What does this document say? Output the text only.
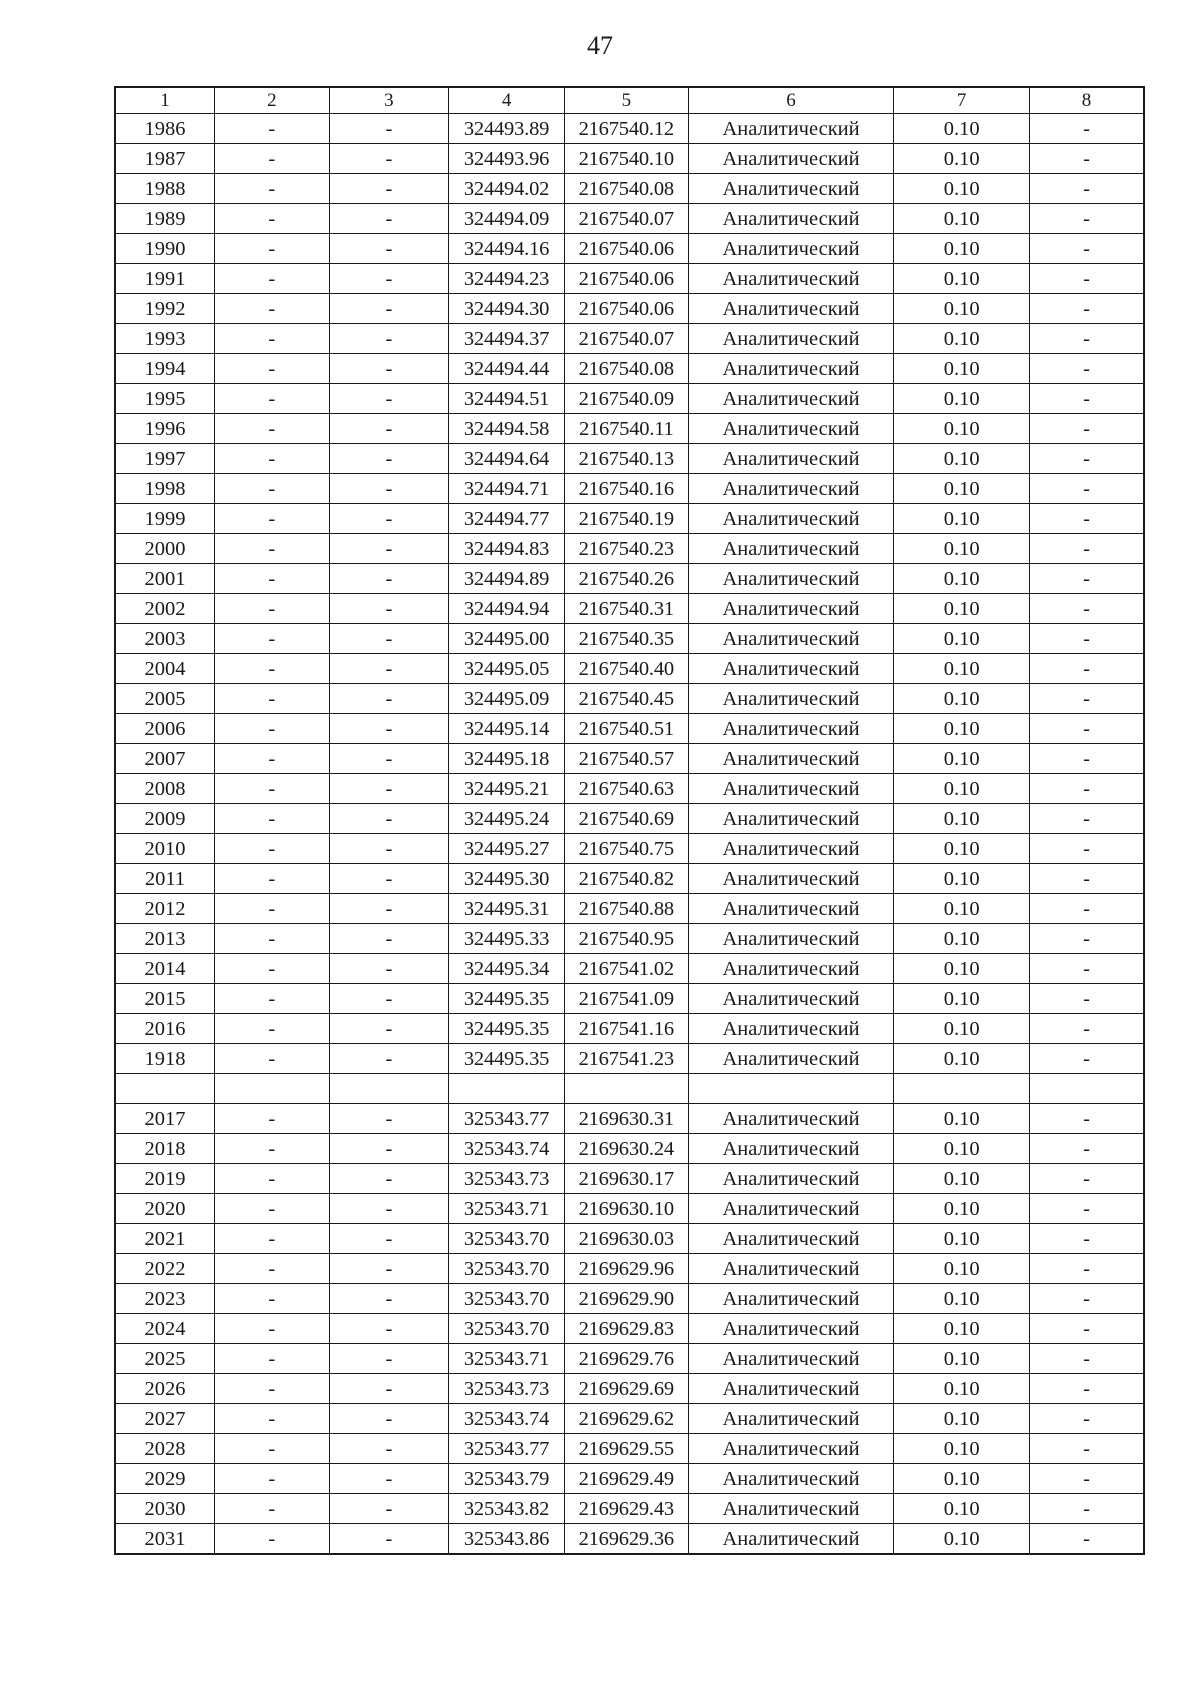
47
1	2	3	4	5	6	7	8
1986	-	-	324493.89	2167540.12	Аналитический	0.10	-
1987	-	-	324493.96	2167540.10	Аналитический	0.10	-
1988	-	-	324494.02	2167540.08	Аналитический	0.10	-
1989	-	-	324494.09	2167540.07	Аналитический	0.10	-
1990	-	-	324494.16	2167540.06	Аналитический	0.10	-
1991	-	-	324494.23	2167540.06	Аналитический	0.10	-
1992	-	-	324494.30	2167540.06	Аналитический	0.10	-
1993	-	-	324494.37	2167540.07	Аналитический	0.10	-
1994	-	-	324494.44	2167540.08	Аналитический	0.10	-
1995	-	-	324494.51	2167540.09	Аналитический	0.10	-
1996	-	-	324494.58	2167540.11	Аналитический	0.10	-
1997	-	-	324494.64	2167540.13	Аналитический	0.10	-
1998	-	-	324494.71	2167540.16	Аналитический	0.10	-
1999	-	-	324494.77	2167540.19	Аналитический	0.10	-
2000	-	-	324494.83	2167540.23	Аналитический	0.10	-
2001	-	-	324494.89	2167540.26	Аналитический	0.10	-
2002	-	-	324494.94	2167540.31	Аналитический	0.10	-
2003	-	-	324495.00	2167540.35	Аналитический	0.10	-
2004	-	-	324495.05	2167540.40	Аналитический	0.10	-
2005	-	-	324495.09	2167540.45	Аналитический	0.10	-
2006	-	-	324495.14	2167540.51	Аналитический	0.10	-
2007	-	-	324495.18	2167540.57	Аналитический	0.10	-
2008	-	-	324495.21	2167540.63	Аналитический	0.10	-
2009	-	-	324495.24	2167540.69	Аналитический	0.10	-
2010	-	-	324495.27	2167540.75	Аналитический	0.10	-
2011	-	-	324495.30	2167540.82	Аналитический	0.10	-
2012	-	-	324495.31	2167540.88	Аналитический	0.10	-
2013	-	-	324495.33	2167540.95	Аналитический	0.10	-
2014	-	-	324495.34	2167541.02	Аналитический	0.10	-
2015	-	-	324495.35	2167541.09	Аналитический	0.10	-
2016	-	-	324495.35	2167541.16	Аналитический	0.10	-
1918	-	-	324495.35	2167541.23	Аналитический	0.10	-

2017	-	-	325343.77	2169630.31	Аналитический	0.10	-
2018	-	-	325343.74	2169630.24	Аналитический	0.10	-
2019	-	-	325343.73	2169630.17	Аналитический	0.10	-
2020	-	-	325343.71	2169630.10	Аналитический	0.10	-
2021	-	-	325343.70	2169630.03	Аналитический	0.10	-
2022	-	-	325343.70	2169629.96	Аналитический	0.10	-
2023	-	-	325343.70	2169629.90	Аналитический	0.10	-
2024	-	-	325343.70	2169629.83	Аналитический	0.10	-
2025	-	-	325343.71	2169629.76	Аналитический	0.10	-
2026	-	-	325343.73	2169629.69	Аналитический	0.10	-
2027	-	-	325343.74	2169629.62	Аналитический	0.10	-
2028	-	-	325343.77	2169629.55	Аналитический	0.10	-
2029	-	-	325343.79	2169629.49	Аналитический	0.10	-
2030	-	-	325343.82	2169629.43	Аналитический	0.10	-
2031	-	-	325343.86	2169629.36	Аналитический	0.10	-
